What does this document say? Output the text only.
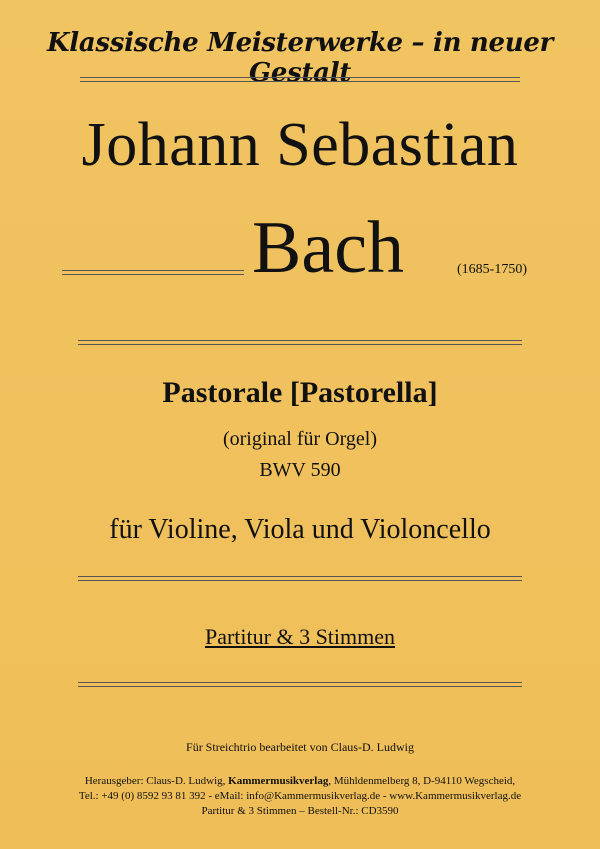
Klassische Meisterwerke – in neuer Gestalt
Johann Sebastian
Bach	(1685-1750)
Pastorale [Pastorella]
(original für Orgel)
BWV 590
für Violine, Viola und Violoncello
Partitur & 3 Stimmen
Für Streichtrio bearbeitet von Claus-D. Ludwig
Herausgeber: Claus-D. Ludwig, Kammermusikverlag, Mühldenmelberg 8, D-94110 Wegscheid,
Tel.: +49 (0) 8592 93 81 392 - eMail: info@Kammermusikverlag.de - www.Kammermusikverlag.de
Partitur & 3 Stimmen – Bestell-Nr.: CD3590
